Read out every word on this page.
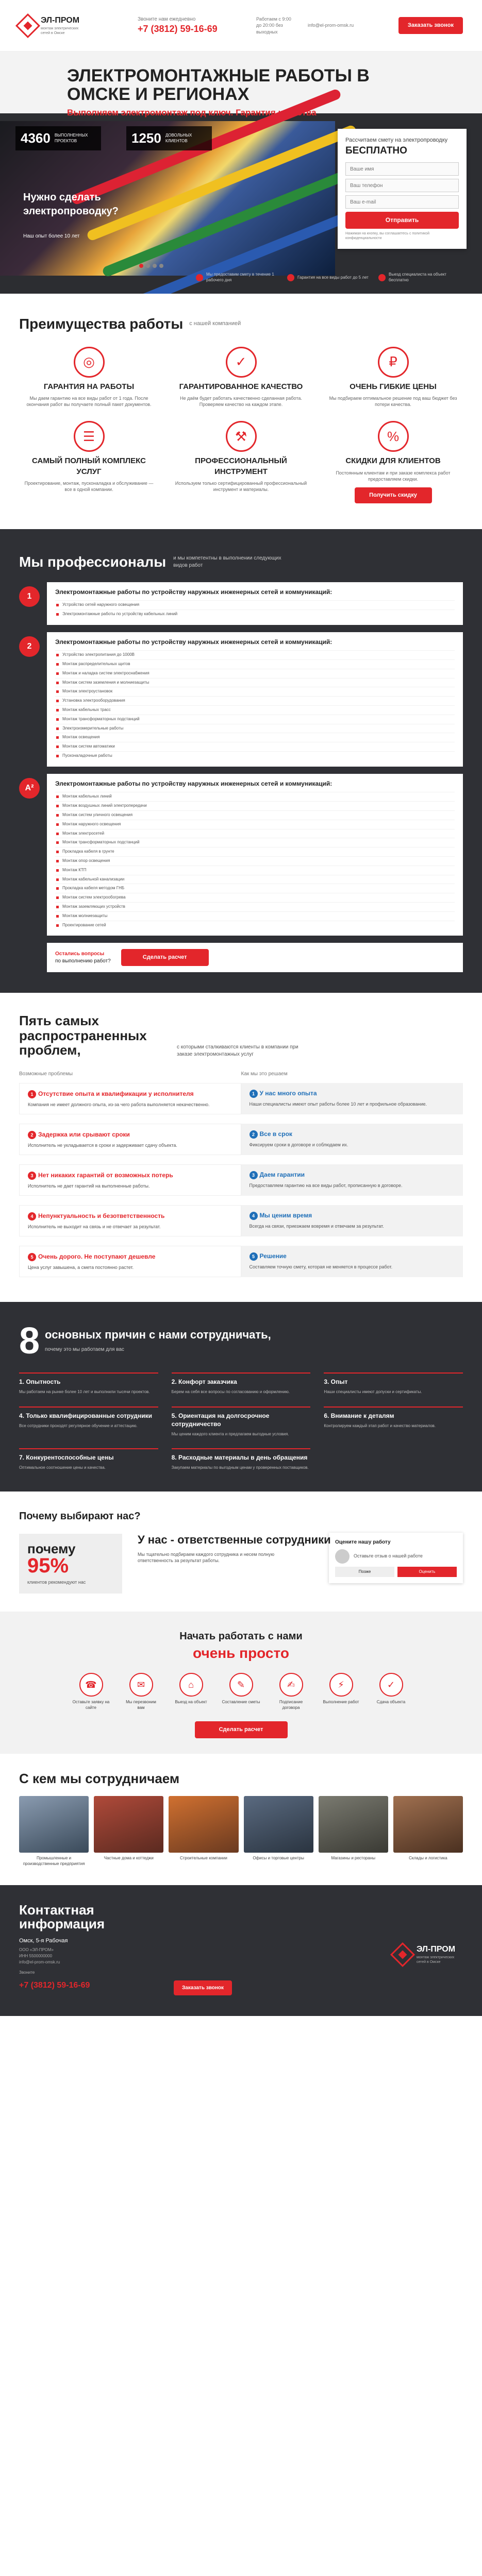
ЭЛ-ПРОМ
монтаж электрических сетей в Омске
Звоните нам ежедневно
+7 (3812) 59-16-69
Работаем с 9:00 до 20:00 без выходных
info@el-prom-omsk.ru	Заказать звонок
ЭЛЕКТРОМОНТАЖНЫЕ РАБОТЫ В ОМСКЕ И РЕГИОНАХ
Выполняем электромонтаж под ключ. Гарантия качества
4360 ВЫПОЛНЕННЫХ ПРОЕКТОВ	1250 ДОВОЛЬНЫХ КЛИЕНТОВ
Нужно сделать электропроводку?
Наш опыт более 10 лет
Рассчитаем смету на электропроводку
БЕСПЛАТНО
Ваше имя
Ваш телефон
Ваш e-mail
Отправить
Нажимая на кнопку, вы соглашаетесь с политикой конфиденциальности
Мы предоставим смету в течение 1 рабочего дня
Гарантия на все виды работ до 5 лет
Выезд специалиста на объект бесплатно
Преимущества работы с нашей компанией
◎
ГАРАНТИЯ НА РАБОТЫ
Мы даем гарантию на все виды работ от 1 года. После окончания работ вы получаете полный пакет документов.
✓
ГАРАНТИРОВАННОЕ КАЧЕСТВО
Не даём будет работать качественно сделанная работа. Проверяем качество на каждом этапе.
₽
ОЧЕНЬ ГИБКИЕ ЦЕНЫ
Мы подбираем оптимальное решение под ваш бюджет без потери качества.
☰
САМЫЙ ПОЛНЫЙ КОМПЛЕКС УСЛУГ
Проектирование, монтаж, пусконаладка и обслуживание — все в одной компании.
⚒
ПРОФЕССИОНАЛЬНЫЙ ИНСТРУМЕНТ
Используем только сертифицированный профессиональный инструмент и материалы.
%
СКИДКИ ДЛЯ КЛИЕНТОВ
Постоянным клиентам и при заказе комплекса работ предоставляем скидки.
Получить скидку
Мы профессионалы и мы компетентны в выполнении следующих видов работ
1
Электромонтажные работы по устройству наружных инженерных сетей и коммуникаций:
Устройство сетей наружного освещения
Электромонтажные работы по устройству кабельных линий
2
Электромонтажные работы по устройству наружных инженерных сетей и коммуникаций:
Устройство электропитания до 1000В
Монтаж распределительных щитов
Монтаж и наладка систем электроснабжения
Монтаж систем заземления и молниезащиты
Монтаж электроустановок
Установка электрооборудования
Монтаж кабельных трасс
Монтаж трансформаторных подстанций
Электроизмерительные работы
Монтаж освещения
Монтаж систем автоматики
Пусконаладочные работы
A²
Электромонтажные работы по устройству наружных инженерных сетей и коммуникаций:
Монтаж кабельных линий
Монтаж воздушных линий электропередачи
Монтаж систем уличного освещения
Монтаж наружного освещения
Монтаж электросетей
Монтаж трансформаторных подстанций
Прокладка кабеля в грунте
Монтаж опор освещения
Монтаж КТП
Монтаж кабельной канализации
Прокладка кабеля методом ГНБ
Монтаж систем электрообогрева
Монтаж заземляющих устройств
Монтаж молниезащиты
Проектирование сетей
Остались вопросы
по выполнению работ?
Сделать расчет
Пять самых распространенных проблем,	с которыми сталкиваются клиенты в компании при заказе электромонтажных услуг
Возможные проблемы	Как мы это решаем
1 Отсутствие опыта и квалификации у исполнителя
Компания не имеет должного опыта, из-за чего работа выполняется некачественно.
1 У нас много опыта
Наши специалисты имеют опыт работы более 10 лет и профильное образование.
2 Задержка или срывают сроки
Исполнитель не укладывается в сроки и задерживает сдачу объекта.
2 Все в срок
Фиксируем сроки в договоре и соблюдаем их.
3 Нет никаких гарантий от возможных потерь
Исполнитель не дает гарантий на выполненные работы.
3 Даем гарантии
Предоставляем гарантию на все виды работ, прописанную в договоре.
4 Непунктуальность и безответственность
Исполнитель не выходит на связь и не отвечает за результат.
4 Мы ценим время
Всегда на связи, приезжаем вовремя и отвечаем за результат.
5 Очень дорого. Не поступают дешевле
Цена услуг завышена, а смета постоянно растет.
5 Решение
Составляем точную смету, которая не меняется в процессе работ.
8 основных причин с нами сотрудничать,
почему это мы работаем для вас
1. Опытность
Мы работаем на рынке более 10 лет и выполнили тысячи проектов.
2. Конфорт заказчика
Берем на себя все вопросы по согласованию и оформлению.
3. Опыт
Наши специалисты имеют допуски и сертификаты.
4. Только квалифицированные сотрудники
Все сотрудники проходят регулярное обучение и аттестацию.
5. Ориентация на долгосрочное сотрудничество
Мы ценим каждого клиента и предлагаем выгодные условия.
6. Внимание к деталям
Контролируем каждый этап работ и качество материалов.
7. Конкурентоспособные цены
Оптимальное соотношение цены и качества.
8. Расходные материалы в день обращения
Закупаем материалы по выгодным ценам у проверенных поставщиков.
Почему выбирают нас?
почему
95%
клиентов рекомендуют нас
У нас - ответственные сотрудники
Мы тщательно подбираем каждого сотрудника и несем полную ответственность за результат работы.
Оцените нашу работу
Оставьте отзыв о нашей работе
Позже	Оценить
Начать работать с нами
очень просто
☎
Оставьте заявку на сайте
✉
Мы перезвоним вам
⌂
Выезд на объект
✎
Составление сметы
✍
Подписание договора
⚡
Выполнение работ
✓
Сдача объекта
Сделать расчет
С кем мы сотрудничаем
Промышленные и производственные предприятия
Частные дома и коттеджи	Строительные компании	Офисы и торговые центры	Магазины и рестораны	Склады и логистика
Контактная информация
Омск, 5-я Рабочая
ООО «ЭЛ-ПРОМ»
ИНН 5500000000
info@el-prom-omsk.ru
Звоните
+7 (3812) 59-16-69	Заказать звонок
ЭЛ-ПРОМ
монтаж электрических сетей в Омске
